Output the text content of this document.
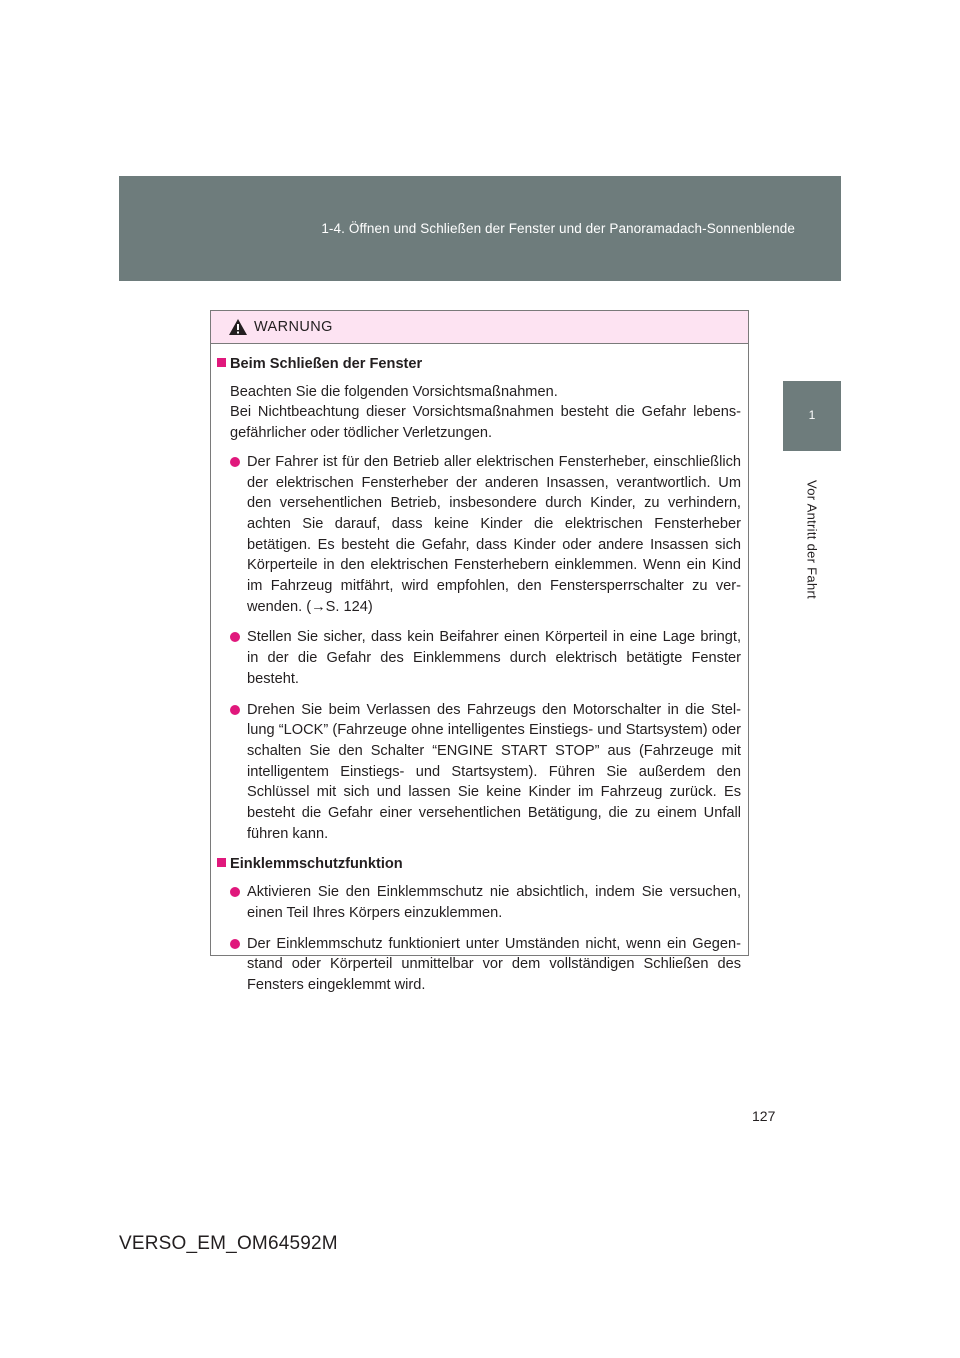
1-4. Öffnen und Schließen der Fenster und der Panoramadach-Sonnenblende
1
Vor Antritt der Fahrt
WARNUNG
Beim Schließen der Fenster
Beachten Sie die folgenden Vorsichtsmaßnahmen.
Bei Nichtbeachtung dieser Vorsichtsmaßnahmen besteht die Gefahr lebensgefährlicher oder tödlicher Verletzungen.
Der Fahrer ist für den Betrieb aller elektrischen Fensterheber, einschließlich der elektrischen Fensterheber der anderen Insassen, verantwortlich. Um den versehentlichen Betrieb, insbesondere durch Kinder, zu verhindern, achten Sie darauf, dass keine Kinder die elektrischen Fensterheber betätigen. Es besteht die Gefahr, dass Kinder oder andere Insassen sich Körperteile in den elektrischen Fensterhebern einklemmen. Wenn ein Kind im Fahrzeug mitfährt, wird empfohlen, den Fenstersperrschalter zu verwenden. (→S. 124)
Stellen Sie sicher, dass kein Beifahrer einen Körperteil in eine Lage bringt, in der die Gefahr des Einklemmens durch elektrisch betätigte Fenster besteht.
Drehen Sie beim Verlassen des Fahrzeugs den Motorschalter in die Stellung “LOCK” (Fahrzeuge ohne intelligentes Einstiegs- und Startsystem) oder schalten Sie den Schalter “ENGINE START STOP” aus (Fahrzeuge mit intelligentem Einstiegs- und Startsystem). Führen Sie außerdem den Schlüssel mit sich und lassen Sie keine Kinder im Fahrzeug zurück. Es besteht die Gefahr einer versehentlichen Betätigung, die zu einem Unfall führen kann.
Einklemmschutzfunktion
Aktivieren Sie den Einklemmschutz nie absichtlich, indem Sie versuchen, einen Teil Ihres Körpers einzuklemmen.
Der Einklemmschutz funktioniert unter Umständen nicht, wenn ein Gegenstand oder Körperteil unmittelbar vor dem vollständigen Schließen des Fensters eingeklemmt wird.
127
VERSO_EM_OM64592M
